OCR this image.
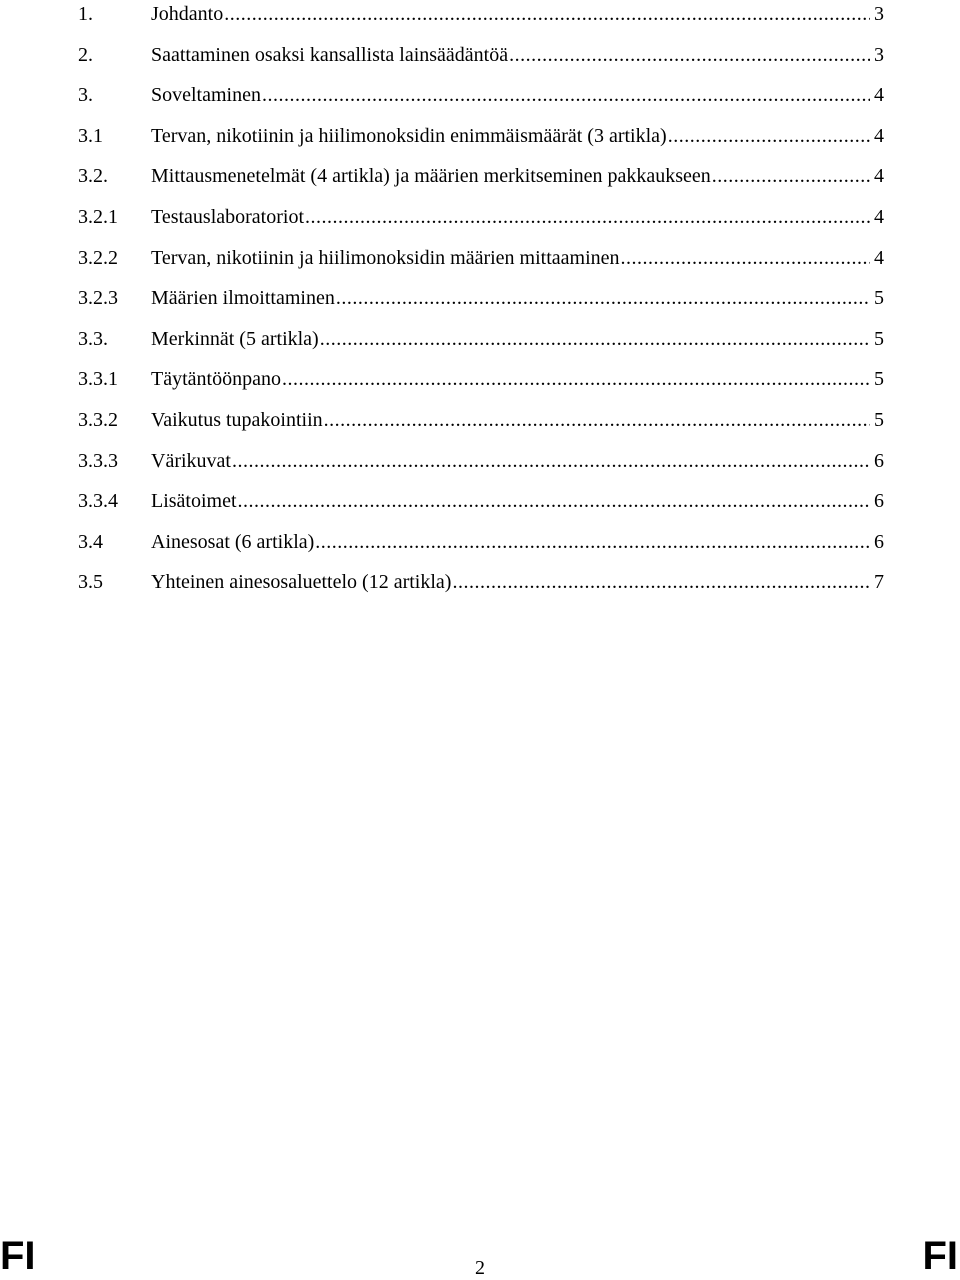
1.	Johdanto .....	3
2.	Saattaminen osaksi kansallista lainsäädäntöä .....	3
3.	Soveltaminen .....	4
3.1 Tervan, nikotiinin ja hiilimonoksidin enimmäismäärät (3 artikla) .....	4
3.2. Mittausmenetelmät (4 artikla) ja määrien merkitseminen pakkaukseen .....	4
3.2.1 Testauslaboratoriot .....	4
3.2.2 Tervan, nikotiinin ja hiilimonoksidin määrien mittaaminen .....	4
3.2.3 Määrien ilmoittaminen .....	5
3.3. Merkinnät (5 artikla) .....	5
3.3.1 Täytäntöönpano .....	5
3.3.2 Vaikutus tupakointiin .....	5
3.3.3 Värikuvat .....	6
3.3.4 Lisätoimet .....	6
3.4 Ainesosat (6 artikla) .....	6
3.5 Yhteinen ainesosaluettelo (12 artikla) .....	7
FI	2	FI
